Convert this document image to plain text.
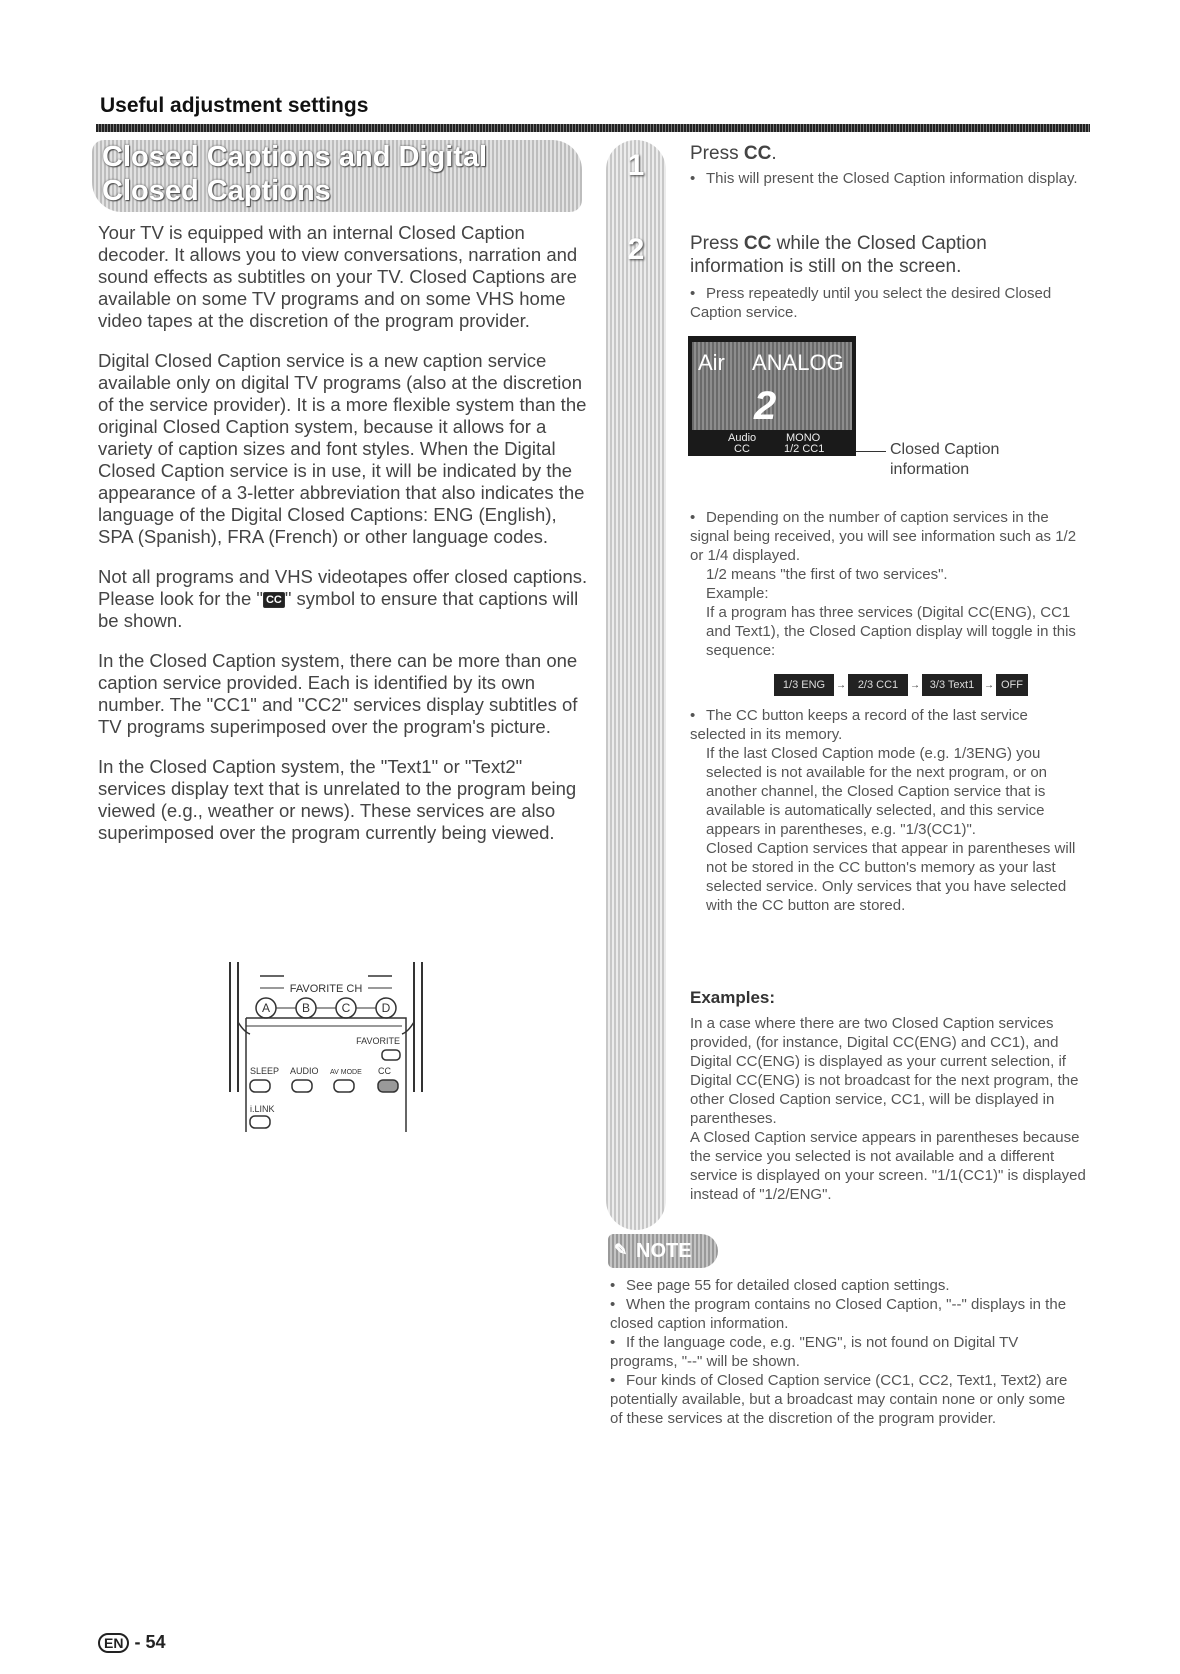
Useful adjustment settings
Closed Captions and Digital Closed Captions

Your TV is equipped with an internal Closed Caption decoder. It allows you to view conversations, narration and sound effects as subtitles on your TV. Closed Captions are available on some TV programs and on some VHS home video tapes at the discretion of the program provider.

Digital Closed Caption service is a new caption service available only on digital TV programs (also at the discretion of the service provider). It is a more flexible system than the original Closed Caption system, because it allows for a variety of caption sizes and font styles. When the Digital Closed Caption service is in use, it will be indicated by the appearance of a 3-letter abbreviation that also indicates the language of the Digital Closed Captions: ENG (English), SPA (Spanish), FRA (French) or other language codes.

Not all programs and VHS videotapes offer closed captions. Please look for the " CC " symbol to ensure that captions will be shown.

In the Closed Caption system, there can be more than one caption service provided. Each is identified by its own number. The "CC1" and "CC2" services display subtitles of TV programs superimposed over the program's picture.

In the Closed Caption system, the "Text1" or "Text2" services display text that is unrelated to the program being viewed (e.g., weather or news). These services are also superimposed over the program currently being viewed.

FAVORITE CH
A	B	C	D
FAVORITE
SLEEP AUDIO AV MODE CC
i.LINK
1
2
Press CC.
• This will present the Closed Caption information display.
Press CC while the Closed Caption information is still on the screen.
• Press repeatedly until you select the desired Closed Caption service.
Air ANALOG
2
Audio	MONO
CC	1/2 CC1	Closed Caption information
• Depending on the number of caption services in the signal being received, you will see information such as 1/2 or 1/4 displayed.
1/2 means "the first of two services".
Example:
If a program has three services (Digital CC(ENG), CC1 and Text1), the Closed Caption display will toggle in this sequence:
1/3 ENG → 2/3 CC1 → 3/3 Text1 → OFF
• The CC button keeps a record of the last service selected in its memory.
If the last Closed Caption mode (e.g. 1/3ENG) you selected is not available for the next program, or on another channel, the Closed Caption service that is available is automatically selected, and this service appears in parentheses, e.g. "1/3(CC1)".
Closed Caption services that appear in parentheses will not be stored in the CC button's memory as your last selected service. Only services that you have selected with the CC button are stored.
Examples:
In a case where there are two Closed Caption services provided, (for instance, Digital CC(ENG) and CC1), and Digital CC(ENG) is displayed as your current selection, if Digital CC(ENG) is not broadcast for the next program, the other Closed Caption service, CC1, will be displayed in parentheses.
A Closed Caption service appears in parentheses because the service you selected is not available and a different service is displayed on your screen. "1/1(CC1)" is displayed instead of "1/2/ENG".
✎ NOTE
• See page 55 for detailed closed caption settings.
• When the program contains no Closed Caption, "--" displays in the closed caption information.
• If the language code, e.g. "ENG", is not found on Digital TV programs, "--" will be shown.
• Four kinds of Closed Caption service (CC1, CC2, Text1, Text2) are potentially available, but a broadcast may contain none or only some of these services at the discretion of the program provider.
EN - 54
